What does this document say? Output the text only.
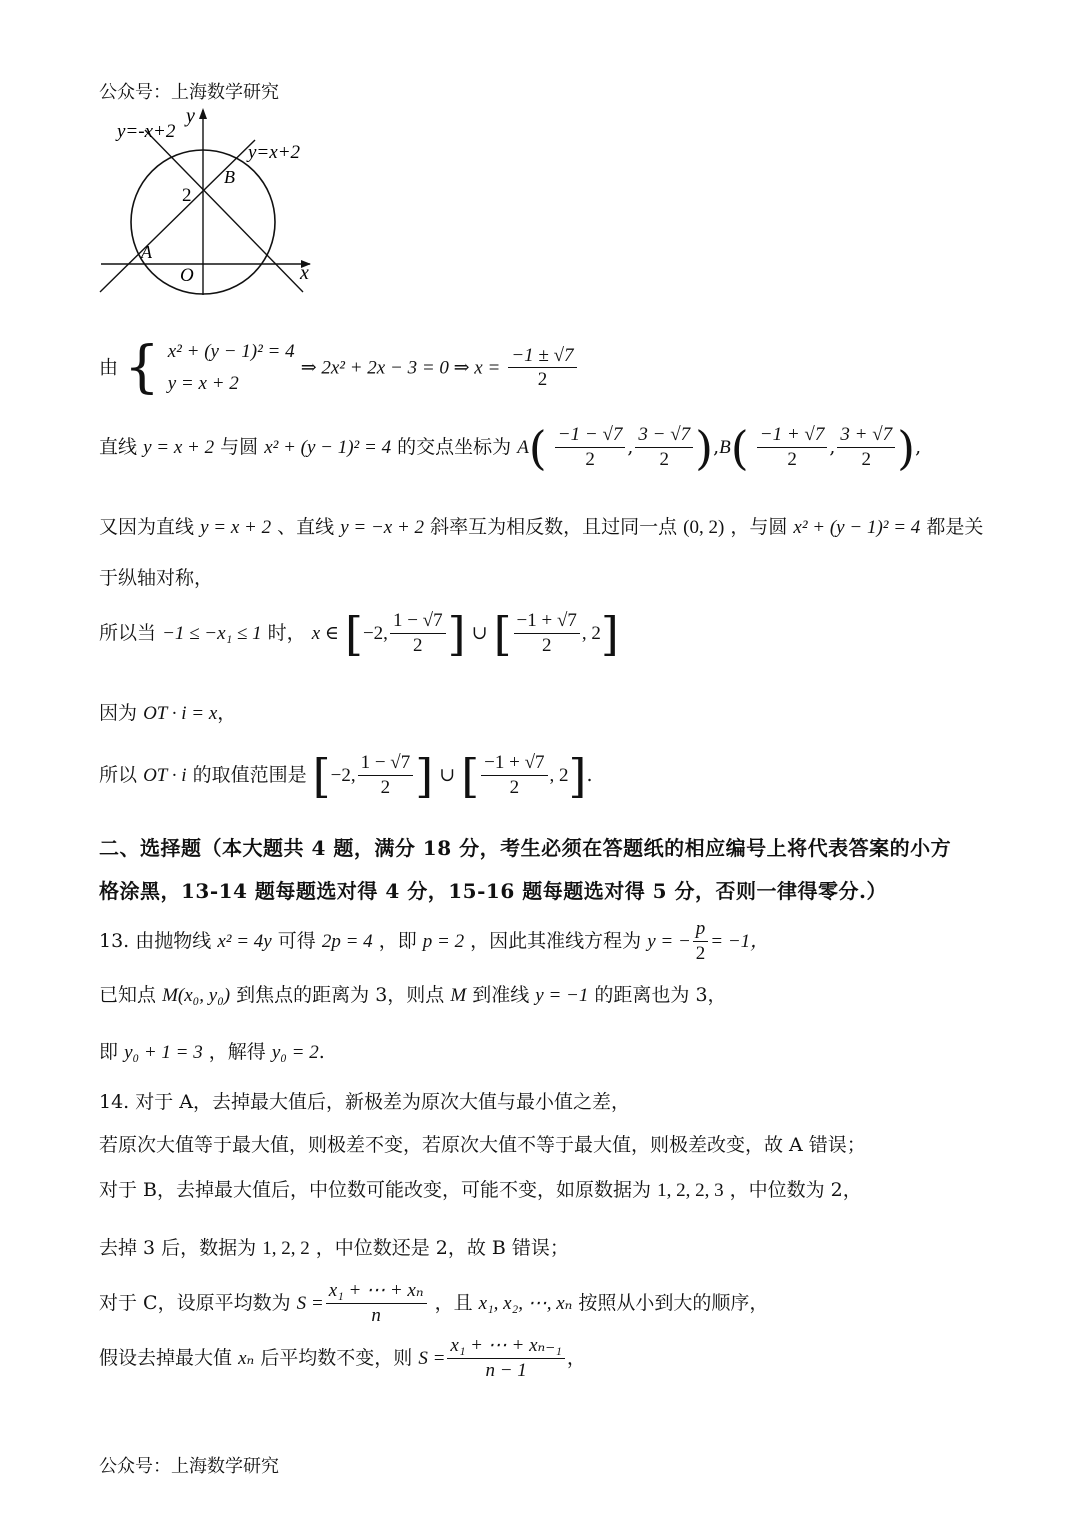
公众号：上海数学研究
y=-x+2
y=x+2
y
x
O
A
B
2
由 { x² + (y − 1)² = 4
y = x + 2
⇒ 2x² + 2x − 3 = 0 ⇒ $x = \frac{-1 \pm √7}{2}$
直线 y = x + 2 与圆 x² + (y − 1)² = 4 的交点坐标为 $A( \frac{-1 - √7}{2}$ , $\frac{3 - √7}{2} ),B( \frac{-1 + √7}{2}$ , $\frac{3 + √7}{2}$ ),
又因为直线 y = x + 2 、直线 y = −x + 2 斜率互为相反数，且过同一点 (0, 2) ，与圆 x² + (y − 1)² = 4 都是关
于纵轴对称，
所以当 −1 ≤ −x₁ ≤ 1 时， x ∈ [−2, $\frac{1 - √7}{2}$ ] ∪ [ $\frac{-1 + √7}{2}$ , 2]
因为 OT · i = x，
所以 OT · i 的取值范围是 [−2, $\frac{1 - √7}{2}$ ] ∪ [ $\frac{-1 + √7}{2}$ , 2].
二、选择题（本大题共 4 题，满分 18 分，考生必须在答题纸的相应编号上将代表答案的小方
格涂黑，13-14 题每题选对得 4 分，15-16 题每题选对得 5 分，否则一律得零分.）
13. 由抛物线 x² = 4y 可得 2p = 4 ，即 p = 2 ，因此其准线方程为 y = − $\frac{p}{2} = -1$，
已知点 M(x₀, y₀) 到焦点的距离为 3，则点 M 到准线 y = −1 的距离也为 3，
即 y₀ + 1 = 3 ，解得 y₀ = 2.
14. 对于 A，去掉最大值后，新极差为原次大值与最小值之差，
若原次大值等于最大值，则极差不变，若原次大值不等于最大值，则极差改变，故 A 错误；
对于 B，去掉最大值后，中位数可能改变，可能不变，如原数据为 1, 2, 2, 3 ，中位数为 2，
去掉 3 后，数据为 1, 2, 2 ，中位数还是 2，故 B 错误；
对于 C，设原平均数为 $S = \frac{\text{x₁ + ⋯ + xₙ}}{n}$ ，且 x₁, x₂, ⋯, xₙ 按照从小到大的顺序，
假设去掉最大值 xₙ 后平均数不变，则 $S = \frac{\text{x₁ + ⋯ + xₙ₋₁}}{n - 1}$ ，
公众号：上海数学研究
